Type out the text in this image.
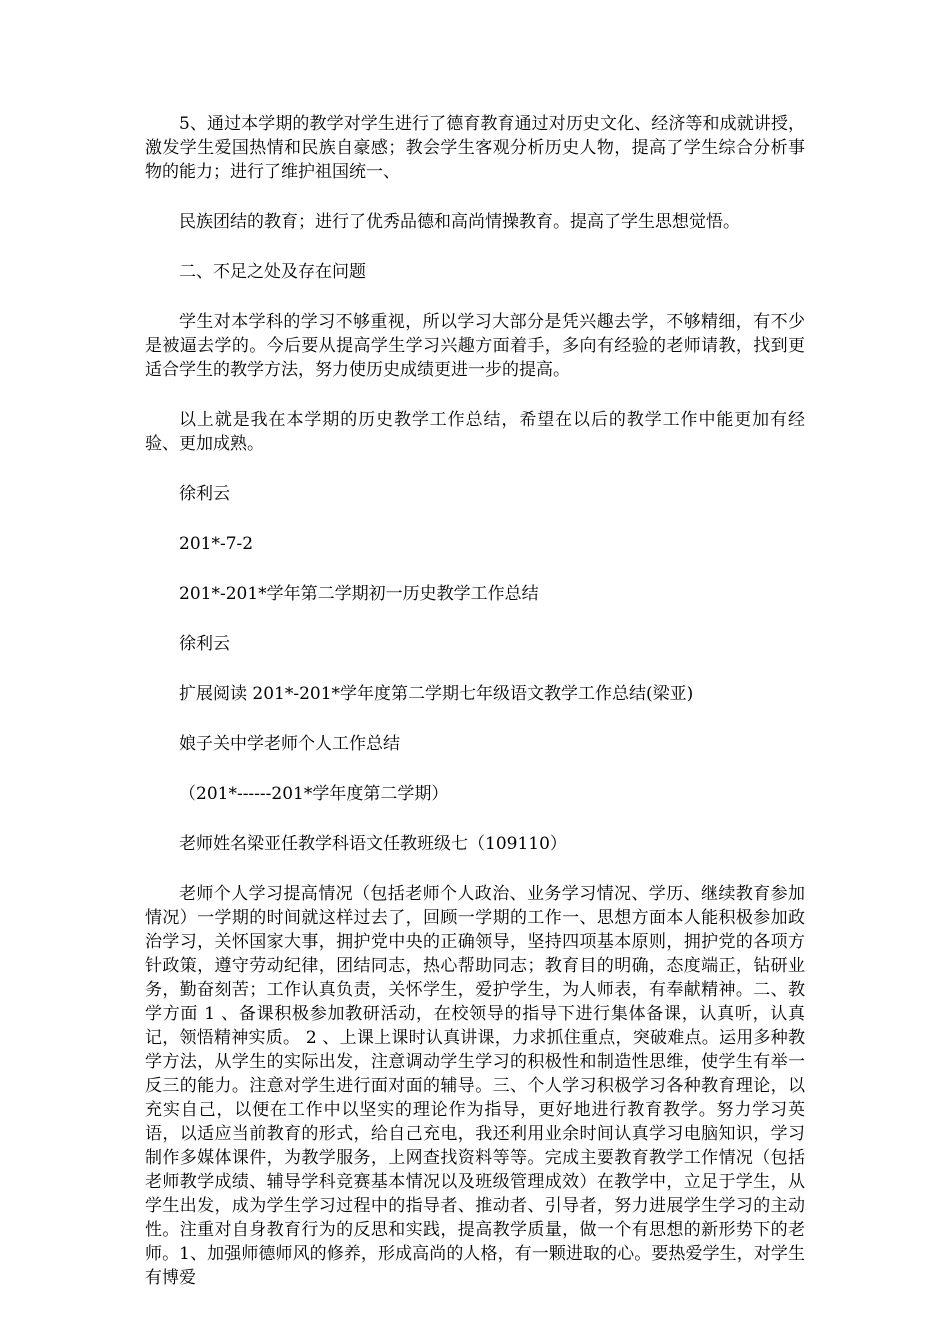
5、通过本学期的教学对学生进行了德育教育通过对历史文化、经济等和成就讲授，激发学生爱国热情和民族自豪感；教会学生客观分析历史人物，提高了学生综合分析事物的能力；进行了维护祖国统一、

民族团结的教育；进行了优秀品德和高尚情操教育。提高了学生思想觉悟。

二、不足之处及存在问题

学生对本学科的学习不够重视，所以学习大部分是凭兴趣去学，不够精细，有不少是被逼去学的。今后要从提高学生学习兴趣方面着手，多向有经验的老师请教，找到更适合学生的教学方法，努力使历史成绩更进一步的提高。

以上就是我在本学期的历史教学工作总结，希望在以后的教学工作中能更加有经验、更加成熟。

徐利云

201*-7-2

201*-201*学年第二学期初一历史教学工作总结

徐利云

扩展阅读 201*-201*学年度第二学期七年级语文教学工作总结(梁亚)

娘子关中学老师个人工作总结

（201*------201*学年度第二学期）

老师姓名梁亚任教学科语文任教班级七（109110）

老师个人学习提高情况（包括老师个人政治、业务学习情况、学历、继续教育参加情况）一学期的时间就这样过去了，回顾一学期的工作一、思想方面本人能积极参加政治学习，关怀国家大事，拥护党中央的正确领导，坚持四项基本原则，拥护党的各项方针政策，遵守劳动纪律，团结同志，热心帮助同志；教育目的明确，态度端正，钻研业务，勤奋刻苦；工作认真负责，关怀学生，爱护学生，为人师表，有奉献精神。二、教学方面 1 、备课积极参加教研活动，在校领导的指导下进行集体备课，认真听，认真记，领悟精神实质。 2 、上课上课时认真讲课，力求抓住重点，突破难点。运用多种教学方法，从学生的实际出发，注意调动学生学习的积极性和制造性思维，使学生有举一反三的能力。注意对学生进行面对面的辅导。三、个人学习积极学习各种教育理论，以充实自己，以便在工作中以坚实的理论作为指导，更好地进行教育教学。努力学习英语，以适应当前教育的形式，给自己充电，我还利用业余时间认真学习电脑知识，学习制作多媒体课件，为教学服务，上网查找资料等等。完成主要教育教学工作情况（包括老师教学成绩、辅导学科竞赛基本情况以及班级管理成效）在教学中，立足于学生，从学生出发，成为学生学习过程中的指导者、推动者、引导者，努力进展学生学习的主动性。注重对自身教育行为的反思和实践，提高教学质量，做一个有思想的新形势下的老师。1、加强师德师风的修养，形成高尚的人格，有一颗进取的心。要热爱学生，对学生有博爱
